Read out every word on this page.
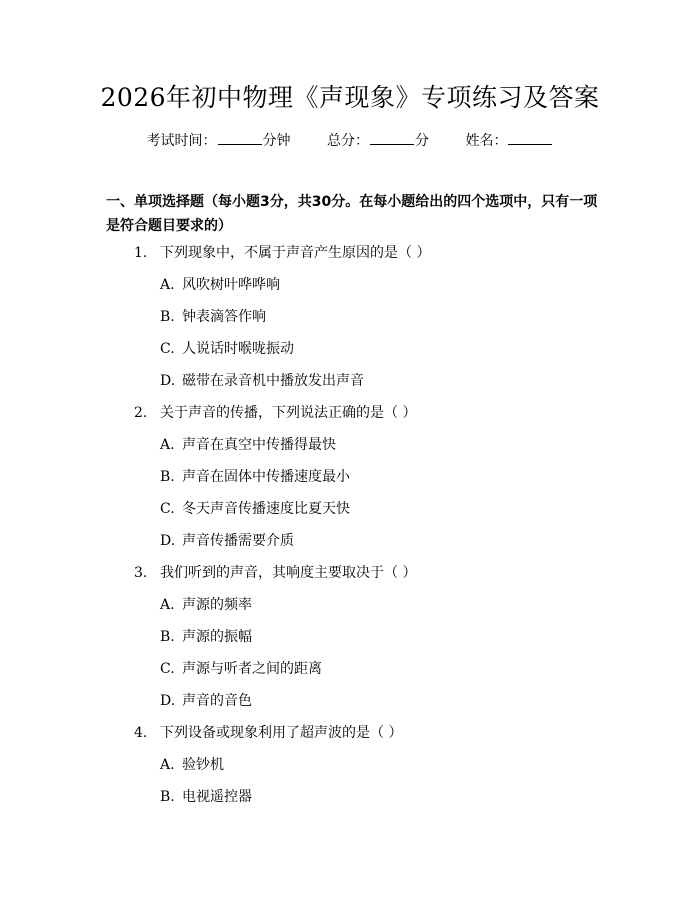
2026年初中物理《声现象》专项练习及答案
考试时间：	分钟	总分：	分	姓名：
一、单项选择题（每小题3分，共30分。在每小题给出的四个选项中，只有一项是符合题目要求的）
1. 下列现象中，不属于声音产生原因的是（ ）
A. 风吹树叶哗哗响
B. 钟表滴答作响
C. 人说话时喉咙振动
D. 磁带在录音机中播放发出声音
2. 关于声音的传播，下列说法正确的是（ ）
A. 声音在真空中传播得最快
B. 声音在固体中传播速度最小
C. 冬天声音传播速度比夏天快
D. 声音传播需要介质
3. 我们听到的声音，其响度主要取决于（ ）
A. 声源的频率
B. 声源的振幅
C. 声源与听者之间的距离
D. 声音的音色
4. 下列设备或现象利用了超声波的是（ ）
A. 验钞机
B. 电视遥控器
